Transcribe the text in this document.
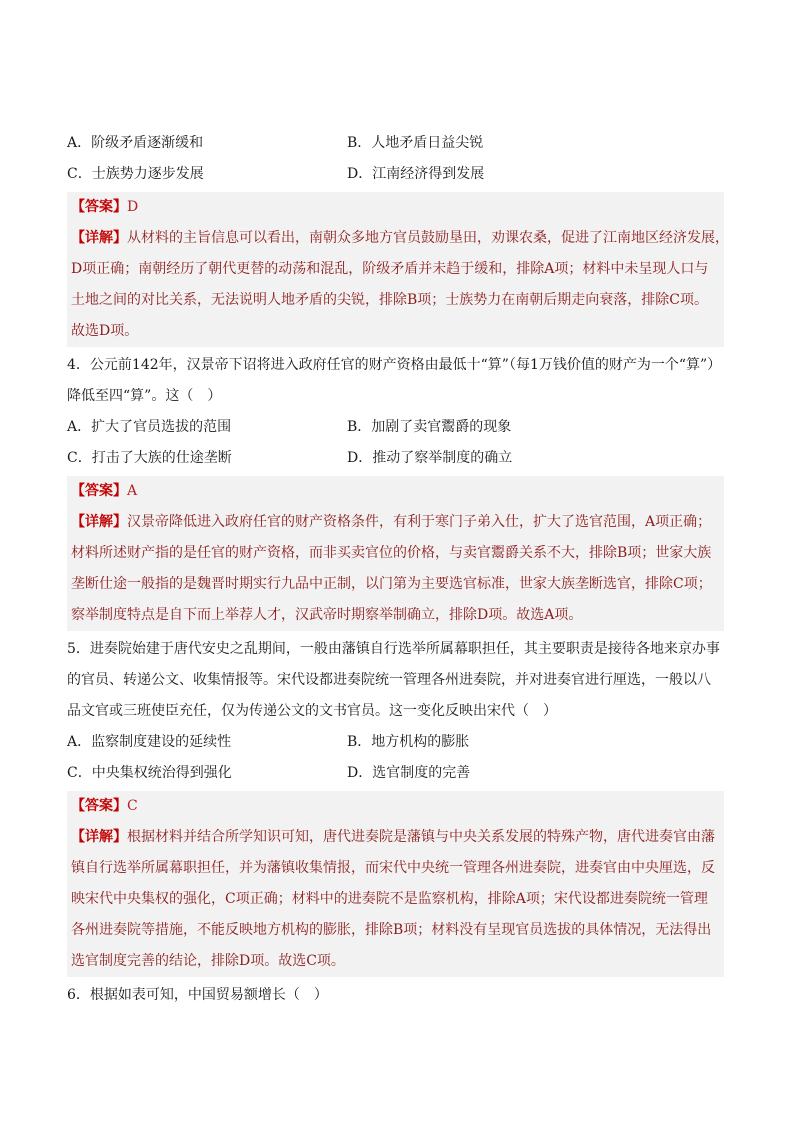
A．阶级矛盾逐渐缓和	B．人地矛盾日益尖锐
C．士族势力逐步发展	D．江南经济得到发展
【答案】D
【详解】从材料的主旨信息可以看出，南朝众多地方官员鼓励垦田，劝课农桑，促进了江南地区经济发展，
D项正确；南朝经历了朝代更替的动荡和混乱，阶级矛盾并未趋于缓和，排除A项；材料中未呈现人口与
土地之间的对比关系，无法说明人地矛盾的尖锐，排除B项；士族势力在南朝后期走向衰落，排除C项。
故选D项。
4．公元前142年，汉景帝下诏将进入政府任官的财产资格由最低十“算”（每1万钱价值的财产为一个“算”）
降低至四“算”。这（　）
A．扩大了官员选拔的范围	B．加剧了卖官鬻爵的现象
C．打击了大族的仕途垄断	D．推动了察举制度的确立
【答案】A
【详解】汉景帝降低进入政府任官的财产资格条件，有利于寒门子弟入仕，扩大了选官范围，A项正确；
材料所述财产指的是任官的财产资格，而非买卖官位的价格，与卖官鬻爵关系不大，排除B项；世家大族
垄断仕途一般指的是魏晋时期实行九品中正制，以门第为主要选官标准，世家大族垄断选官，排除C项；
察举制度特点是自下而上举荐人才，汉武帝时期察举制确立，排除D项。故选A项。
5．进奏院始建于唐代安史之乱期间，一般由藩镇自行选举所属幕职担任，其主要职责是接待各地来京办事
的官员、转递公文、收集情报等。宋代设都进奏院统一管理各州进奏院，并对进奏官进行厘选，一般以八
品文官或三班使臣充任，仅为传递公文的文书官员。这一变化反映出宋代（　）
A．监察制度建设的延续性	B．地方机构的膨胀
C．中央集权统治得到强化	D．选官制度的完善
【答案】C
【详解】根据材料并结合所学知识可知，唐代进奏院是藩镇与中央关系发展的特殊产物，唐代进奏官由藩
镇自行选举所属幕职担任，并为藩镇收集情报，而宋代中央统一管理各州进奏院，进奏官由中央厘选，反
映宋代中央集权的强化，C项正确；材料中的进奏院不是监察机构，排除A项；宋代设都进奏院统一管理
各州进奏院等措施，不能反映地方机构的膨胀，排除B项；材料没有呈现官员选拔的具体情况，无法得出
选官制度完善的结论，排除D项。故选C项。
6．根据如表可知，中国贸易额增长（　）
